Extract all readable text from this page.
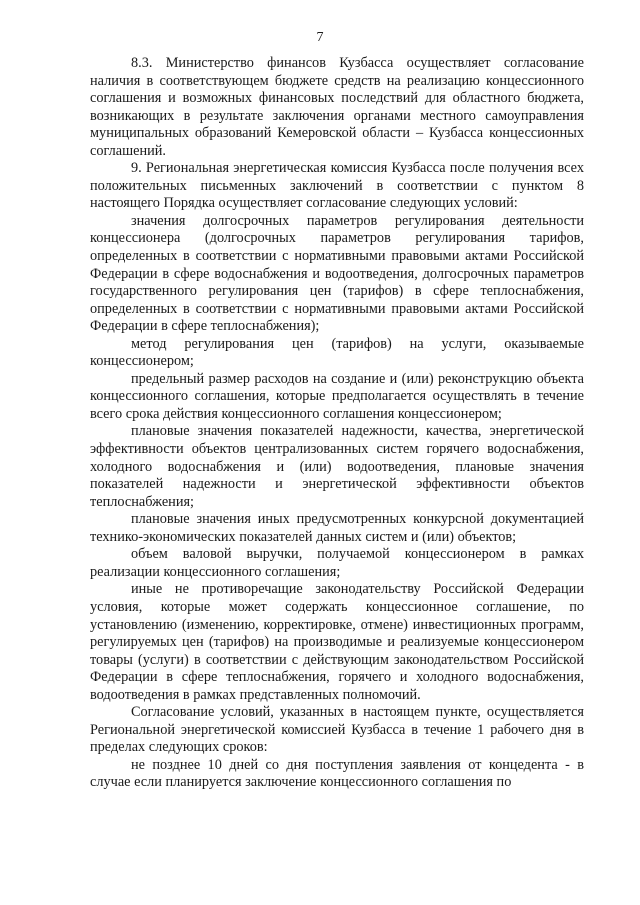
7

8.3. Министерство финансов Кузбасса осуществляет согласование наличия в соответствующем бюджете средств на реализацию концессионного соглашения и возможных финансовых последствий для областного бюджета, возникающих в результате заключения органами местного самоуправления муниципальных образований Кемеровской области – Кузбасса концессионных соглашений.

9. Региональная энергетическая комиссия Кузбасса после получения всех положительных письменных заключений в соответствии с пунктом 8 настоящего Порядка осуществляет согласование следующих условий:

значения долгосрочных параметров регулирования деятельности концессионера (долгосрочных параметров регулирования тарифов, определенных в соответствии с нормативными правовыми актами Российской Федерации в сфере водоснабжения и водоотведения, долгосрочных параметров государственного регулирования цен (тарифов) в сфере теплоснабжения, определенных в соответствии с нормативными правовыми актами Российской Федерации в сфере теплоснабжения);

метод регулирования цен (тарифов) на услуги, оказываемые концессионером;

предельный размер расходов на создание и (или) реконструкцию объекта концессионного соглашения, которые предполагается осуществлять в течение всего срока действия концессионного соглашения концессионером;

плановые значения показателей надежности, качества, энергетической эффективности объектов централизованных систем горячего водоснабжения, холодного водоснабжения и (или) водоотведения, плановые значения показателей надежности и энергетической эффективности объектов теплоснабжения;

плановые значения иных предусмотренных конкурсной документацией технико-экономических показателей данных систем и (или) объектов;

объем валовой выручки, получаемой концессионером в рамках реализации концессионного соглашения;

иные не противоречащие законодательству Российской Федерации условия, которые может содержать концессионное соглашение, по установлению (изменению, корректировке, отмене) инвестиционных программ, регулируемых цен (тарифов) на производимые и реализуемые концессионером товары (услуги) в соответствии с действующим законодательством Российской Федерации в сфере теплоснабжения, горячего и холодного водоснабжения, водоотведения в рамках представленных полномочий.

Согласование условий, указанных в настоящем пункте, осуществляется Региональной энергетической комиссией Кузбасса в течение 1 рабочего дня в пределах следующих сроков:

не позднее 10 дней со дня поступления заявления от концедента - в случае если планируется заключение концессионного соглашения по
